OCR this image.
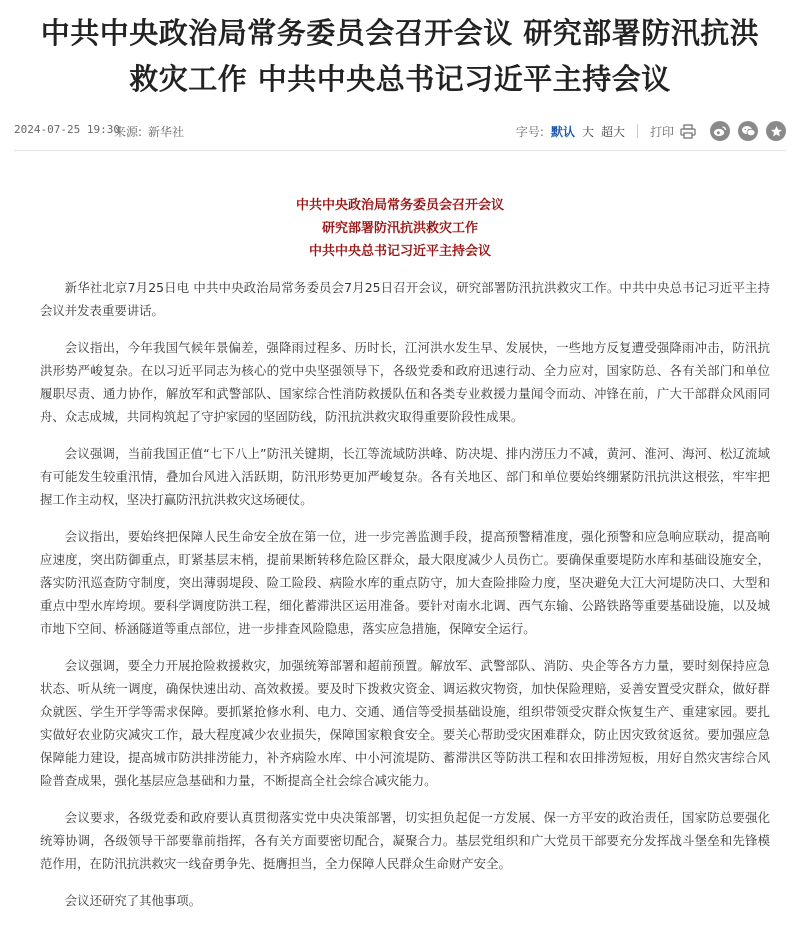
中共中央政治局常务委员会召开会议 研究部署防汛抗洪
救灾工作 中共中央总书记习近平主持会议
2024-07-25 19:30
来源: 新华社	字号: 默认 大 超大 打印
中共中央政治局常务委员会召开会议
研究部署防汛抗洪救灾工作
中共中央总书记习近平主持会议

新华社北京7月25日电 中共中央政治局常务委员会7月25日召开会议，研究部署防汛抗洪救灾工作。中共中央总书记习近平主持会议并发表重要讲话。

会议指出，今年我国气候年景偏差，强降雨过程多、历时长，江河洪水发生早、发展快，一些地方反复遭受强降雨冲击，防汛抗洪形势严峻复杂。在以习近平同志为核心的党中央坚强领导下，各级党委和政府迅速行动、全力应对，国家防总、各有关部门和单位履职尽责、通力协作，解放军和武警部队、国家综合性消防救援队伍和各类专业救援力量闻令而动、冲锋在前，广大干部群众风雨同舟、众志成城，共同构筑起了守护家园的坚固防线，防汛抗洪救灾取得重要阶段性成果。

会议强调，当前我国正值“七下八上”防汛关键期，长江等流域防洪峰、防决堤、排内涝压力不减，黄河、淮河、海河、松辽流域有可能发生较重汛情，叠加台风进入活跃期，防汛形势更加严峻复杂。各有关地区、部门和单位要始终绷紧防汛抗洪这根弦，牢牢把握工作主动权，坚决打赢防汛抗洪救灾这场硬仗。

会议指出，要始终把保障人民生命安全放在第一位，进一步完善监测手段，提高预警精准度，强化预警和应急响应联动，提高响应速度，突出防御重点，盯紧基层末梢，提前果断转移危险区群众，最大限度减少人员伤亡。要确保重要堤防水库和基础设施安全，落实防汛巡查防守制度，突出薄弱堤段、险工险段、病险水库的重点防守，加大查险排险力度，坚决避免大江大河堤防决口、大型和重点中型水库垮坝。要科学调度防洪工程，细化蓄滞洪区运用准备。要针对南水北调、西气东输、公路铁路等重要基础设施，以及城市地下空间、桥涵隧道等重点部位，进一步排查风险隐患，落实应急措施，保障安全运行。

会议强调，要全力开展抢险救援救灾，加强统筹部署和超前预置。解放军、武警部队、消防、央企等各方力量，要时刻保持应急状态、听从统一调度，确保快速出动、高效救援。要及时下拨救灾资金、调运救灾物资，加快保险理赔，妥善安置受灾群众，做好群众就医、学生开学等需求保障。要抓紧抢修水利、电力、交通、通信等受损基础设施，组织带领受灾群众恢复生产、重建家园。要扎实做好农业防灾减灾工作，最大程度减少农业损失，保障国家粮食安全。要关心帮助受灾困难群众，防止因灾致贫返贫。要加强应急保障能力建设，提高城市防洪排涝能力，补齐病险水库、中小河流堤防、蓄滞洪区等防洪工程和农田排涝短板，用好自然灾害综合风险普查成果，强化基层应急基础和力量，不断提高全社会综合减灾能力。

会议要求，各级党委和政府要认真贯彻落实党中央决策部署，切实担负起促一方发展、保一方平安的政治责任，国家防总要强化统筹协调，各级领导干部要靠前指挥，各有关方面要密切配合，凝聚合力。基层党组织和广大党员干部要充分发挥战斗堡垒和先锋模范作用，在防汛抗洪救灾一线奋勇争先、挺膺担当，全力保障人民群众生命财产安全。

会议还研究了其他事项。
